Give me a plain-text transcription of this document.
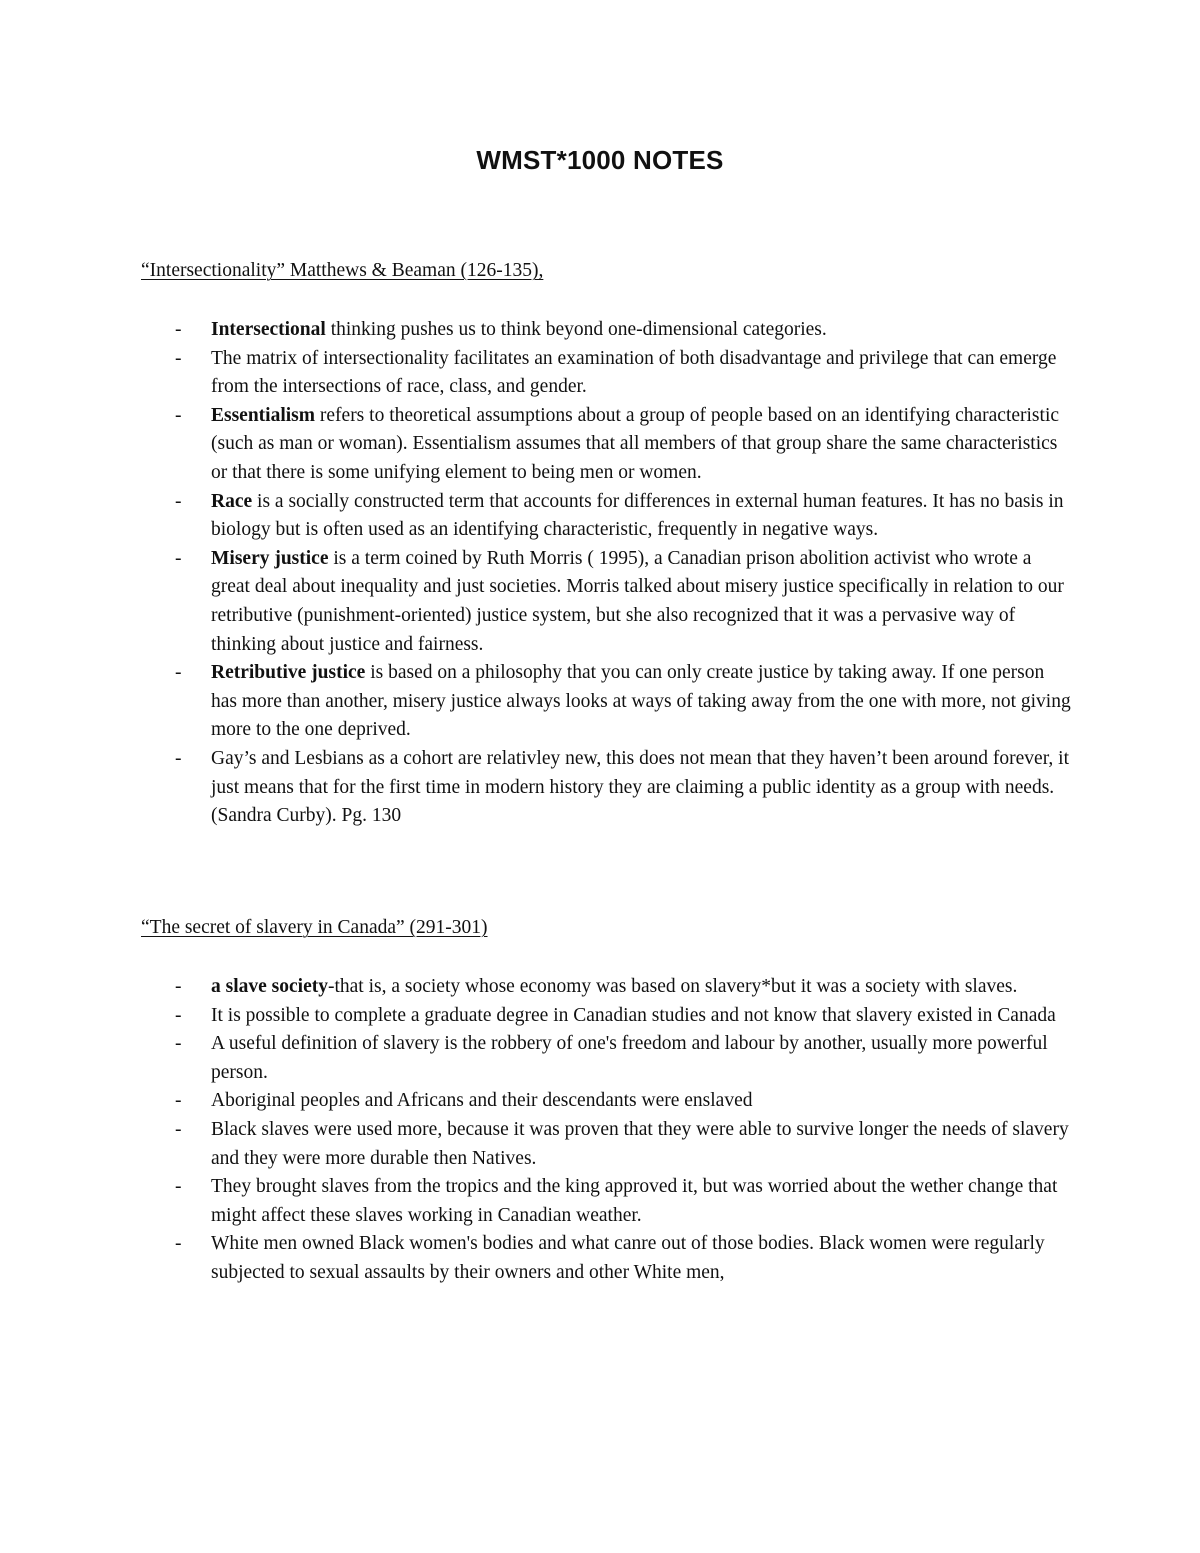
WMST*1000 NOTES
“Intersectionality” Matthews & Beaman (126-135),
- Intersectional thinking pushes us to think beyond one-dimensional categories.
- The matrix of intersectionality facilitates an examination of both disadvantage and privilege that can emerge from the intersections of race, class, and gender.
- Essentialism refers to theoretical assumptions about a group of people based on an identifying characteristic (such as man or woman). Essentialism assumes that all members of that group share the same characteristics or that there is some unifying element to being men or women.
- Race is a socially constructed term that accounts for differences in external human features. It has no basis in biology but is often used as an identifying characteristic, frequently in negative ways.
- Misery justice is a term coined by Ruth Morris ( 1995), a Canadian prison abolition activist who wrote a great deal about inequality and just societies. Morris talked about misery justice specifically in relation to our retributive (punishment-oriented) justice system, but she also recognized that it was a pervasive way of thinking about justice and fairness.
- Retributive justice is based on a philosophy that you can only create justice by taking away. If one person has more than another, misery justice always looks at ways of taking away from the one with more, not giving more to the one deprived.
- Gay’s and Lesbians as a cohort are relativley new, this does not mean that they haven’t been around forever, it just means that for the first time in modern history they are claiming a public identity as a group with needs. (Sandra Curby). Pg. 130
“The secret of slavery in Canada” (291-301)
- a slave society-that is, a society whose economy was based on slavery*but it was a society with slaves.
- It is possible to complete a graduate degree in Canadian studies and not know that slavery existed in Canada
- A useful definition of slavery is the robbery of one's freedom and labour by another, usually more powerful person.
- Aboriginal peoples and Africans and their descendants were enslaved
- Black slaves were used more, because it was proven that they were able to survive longer the needs of slavery and they were more durable then Natives.
- They brought slaves from the tropics and the king approved it, but was worried about the wether change that might affect these slaves working in Canadian weather.
- White men owned Black women's bodies and what canre out of those bodies. Black women were regularly subjected to sexual assaults by their owners and other White men,
